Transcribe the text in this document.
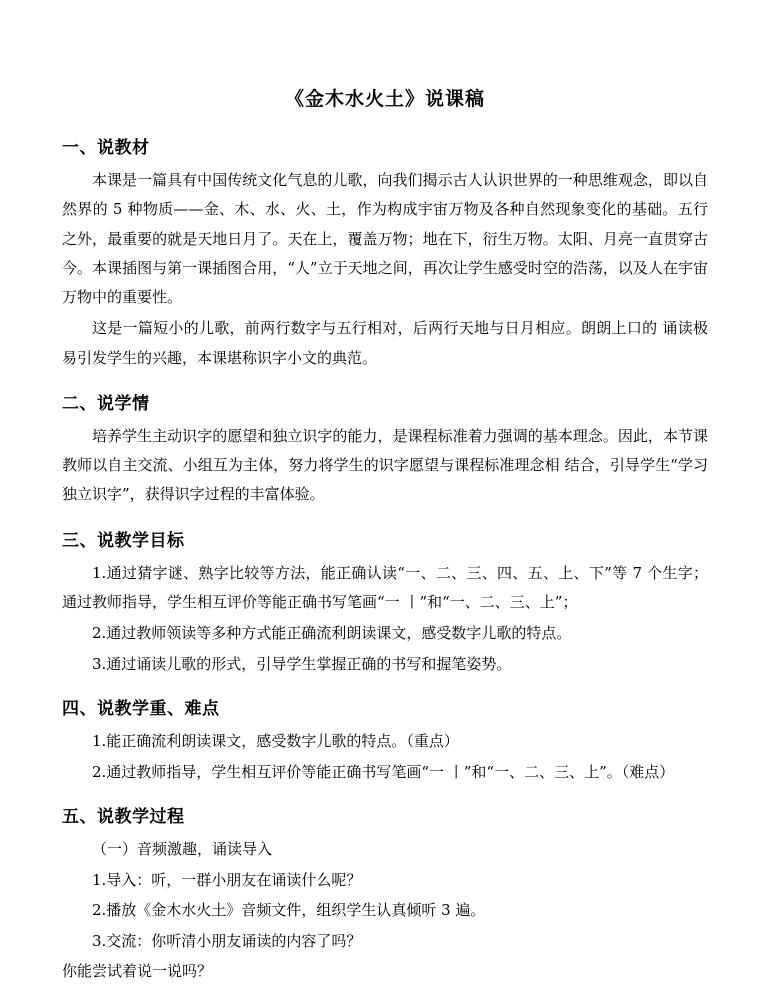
《金木水火土》说课稿
一、说教材

本课是一篇具有中国传统文化气息的儿歌，向我们揭示古人认识世界的一种思维观念，即以自然界的 5 种物质——金、木、水、火、土，作为构成宇宙万物及各种自然现象变化的基础。五行之外，最重要的就是天地日月了。天在上，覆盖万物；地在下，衍生万物。太阳、月亮一直贯穿古今。本课插图与第一课插图合用，“人”立于天地之间，再次让学生感受时空的浩荡，以及人在宇宙万物中的重要性。

这是一篇短小的儿歌，前两行数字与五行相对，后两行天地与日月相应。朗朗上口的 诵读极易引发学生的兴趣，本课堪称识字小文的典范。

二、说学情

培养学生主动识字的愿望和独立识字的能力，是课程标准着力强调的基本理念。因此，本节课教师以自主交流、小组互为主体，努力将学生的识字愿望与课程标准理念相 结合，引导学生“学习独立识字”，获得识字过程的丰富体验。

三、说教学目标

1.通过猜字谜、熟字比较等方法，能正确认读“一、二、三、四、五、上、下”等 7 个生字；通过教师指导，学生相互评价等能正确书写笔画“一 丨”和“一、二、三、上”；

2.通过教师领读等多种方式能正确流利朗读课文，感受数字儿歌的特点。

3.通过诵读儿歌的形式，引导学生掌握正确的书写和握笔姿势。

四、说教学重、难点

1.能正确流利朗读课文，感受数字儿歌的特点。（重点）

2.通过教师指导，学生相互评价等能正确书写笔画“一 丨”和“一、二、三、上”。（难点）

五、说教学过程

（一）音频激趣，诵读导入

1.导入：听，一群小朋友在诵读什么呢？

2.播放《金木水火土》音频文件，组织学生认真倾听 3 遍。

3.交流：你听清小朋友诵读的内容了吗？

你能尝试着说一说吗？
